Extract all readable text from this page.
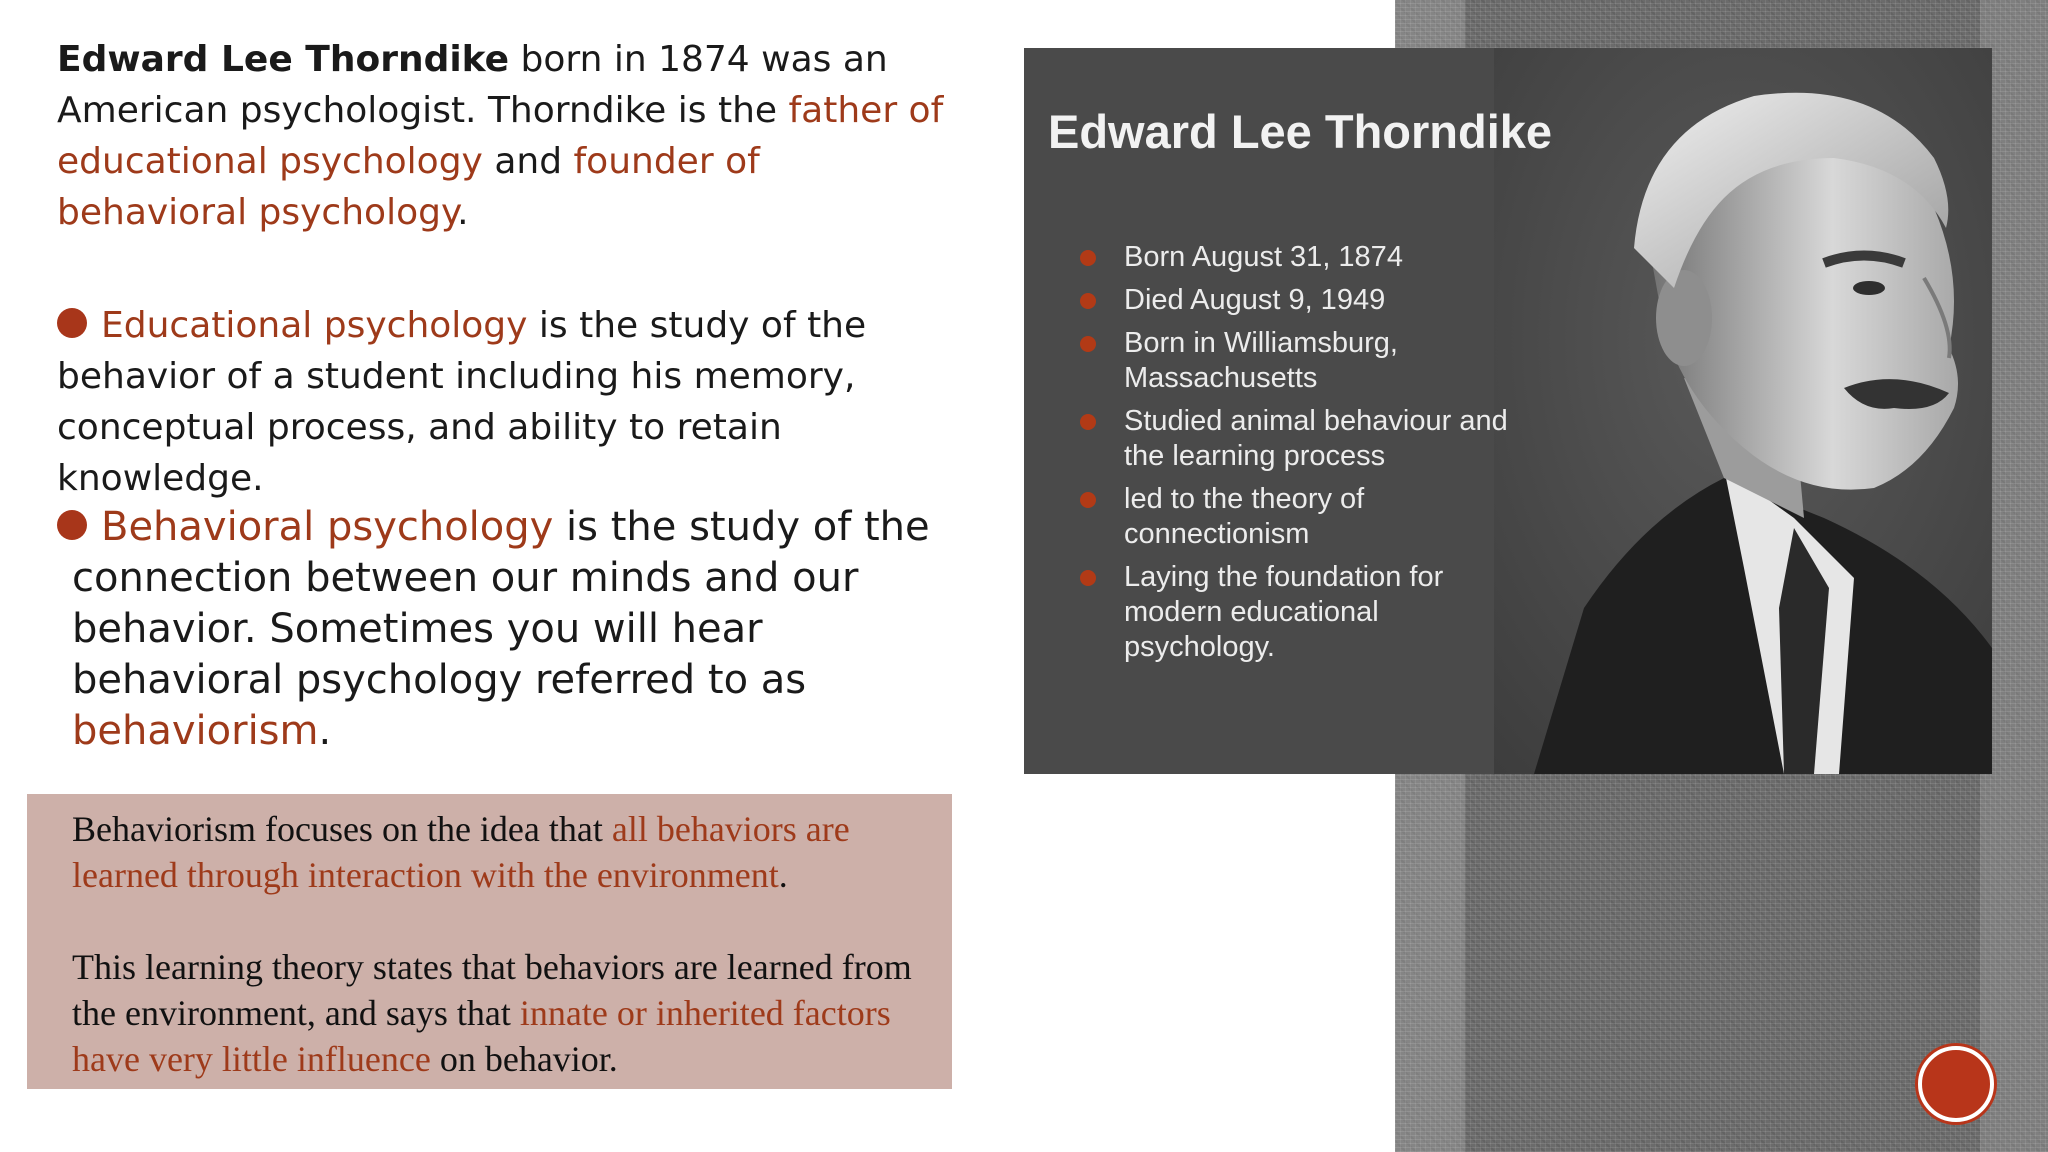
Edward Lee Thorndike born in 1874 was an American psychologist. Thorndike is the father of educational psychology and founder of behavioral psychology.
Educational psychology is the study of the behavior of a student including his memory, conceptual process, and ability to retain knowledge.
Behavioral psychology is the study of the
connection between our minds and our behavior. Sometimes you will hear behavioral psychology referred to as behaviorism.
Behaviorism focuses on the idea that all behaviors are learned through interaction with the environment.
This learning theory states that behaviors are learned from the environment, and says that innate or inherited factors have very little influence on behavior.
Edward Lee Thorndike
Born August 31, 1874
Died August 9, 1949
Born in Williamsburg, Massachusetts
Studied animal behaviour and the learning process
led to the theory of connectionism
Laying the foundation for modern educational psychology.
